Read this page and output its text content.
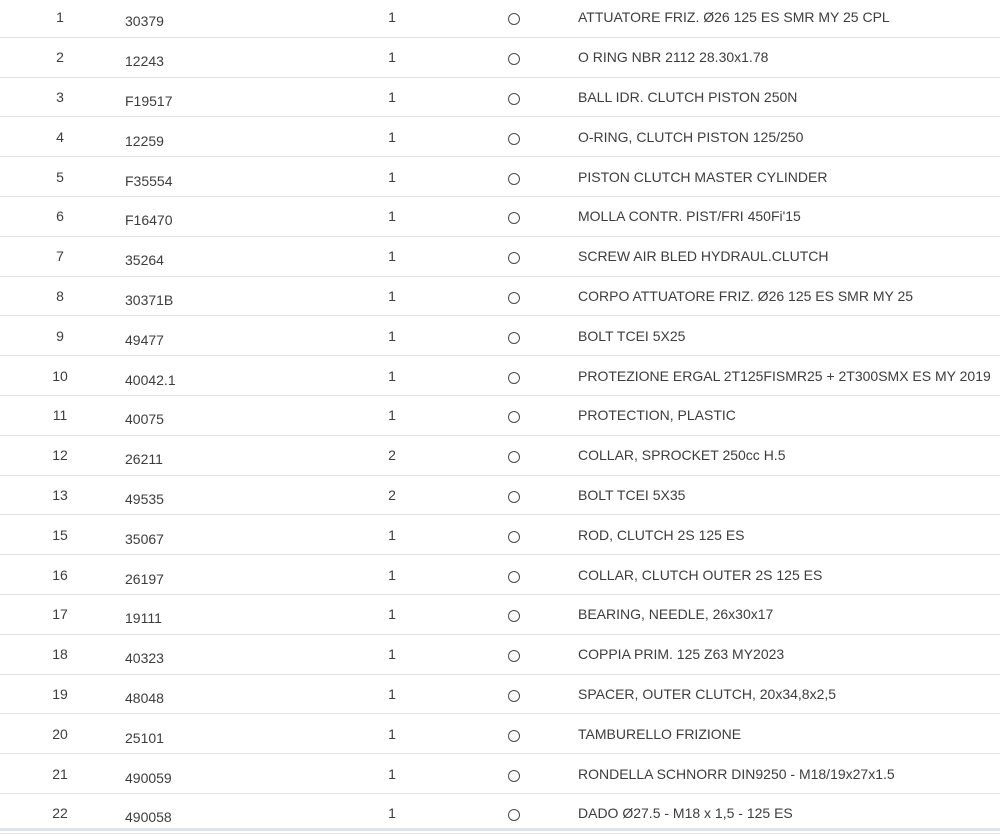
1	30379	1	ATTUATORE FRIZ. Ø26 125 ES SMR MY 25 CPL
2	12243	1	O RING NBR 2112 28.30x1.78
3	F19517	1	BALL IDR. CLUTCH PISTON 250N
4	12259	1	O-RING, CLUTCH PISTON 125/250
5	F35554	1	PISTON CLUTCH MASTER CYLINDER
6	F16470	1	MOLLA CONTR. PIST/FRI 450Fi'15
7	35264	1	SCREW AIR BLED HYDRAUL.CLUTCH
8	30371B	1	CORPO ATTUATORE FRIZ. Ø26 125 ES SMR MY 25
9	49477	1	BOLT TCEI 5X25
10	40042.1	1	PROTEZIONE ERGAL 2T125FISMR25 + 2T300SMX ES MY 2019
11	40075	1	PROTECTION, PLASTIC
12	26211	2	COLLAR, SPROCKET 250cc H.5
13	49535	2	BOLT TCEI 5X35
15	35067	1	ROD, CLUTCH 2S 125 ES
16	26197	1	COLLAR, CLUTCH OUTER 2S 125 ES
17	19111	1	BEARING, NEEDLE, 26x30x17
18	40323	1	COPPIA PRIM. 125 Z63 MY2023
19	48048	1	SPACER, OUTER CLUTCH, 20x34,8x2,5
20	25101	1	TAMBURELLO FRIZIONE
21	490059	1	RONDELLA SCHNORR DIN9250 - M18/19x27x1.5
22	490058	1	DADO Ø27.5 - M18 x 1,5 - 125 ES
